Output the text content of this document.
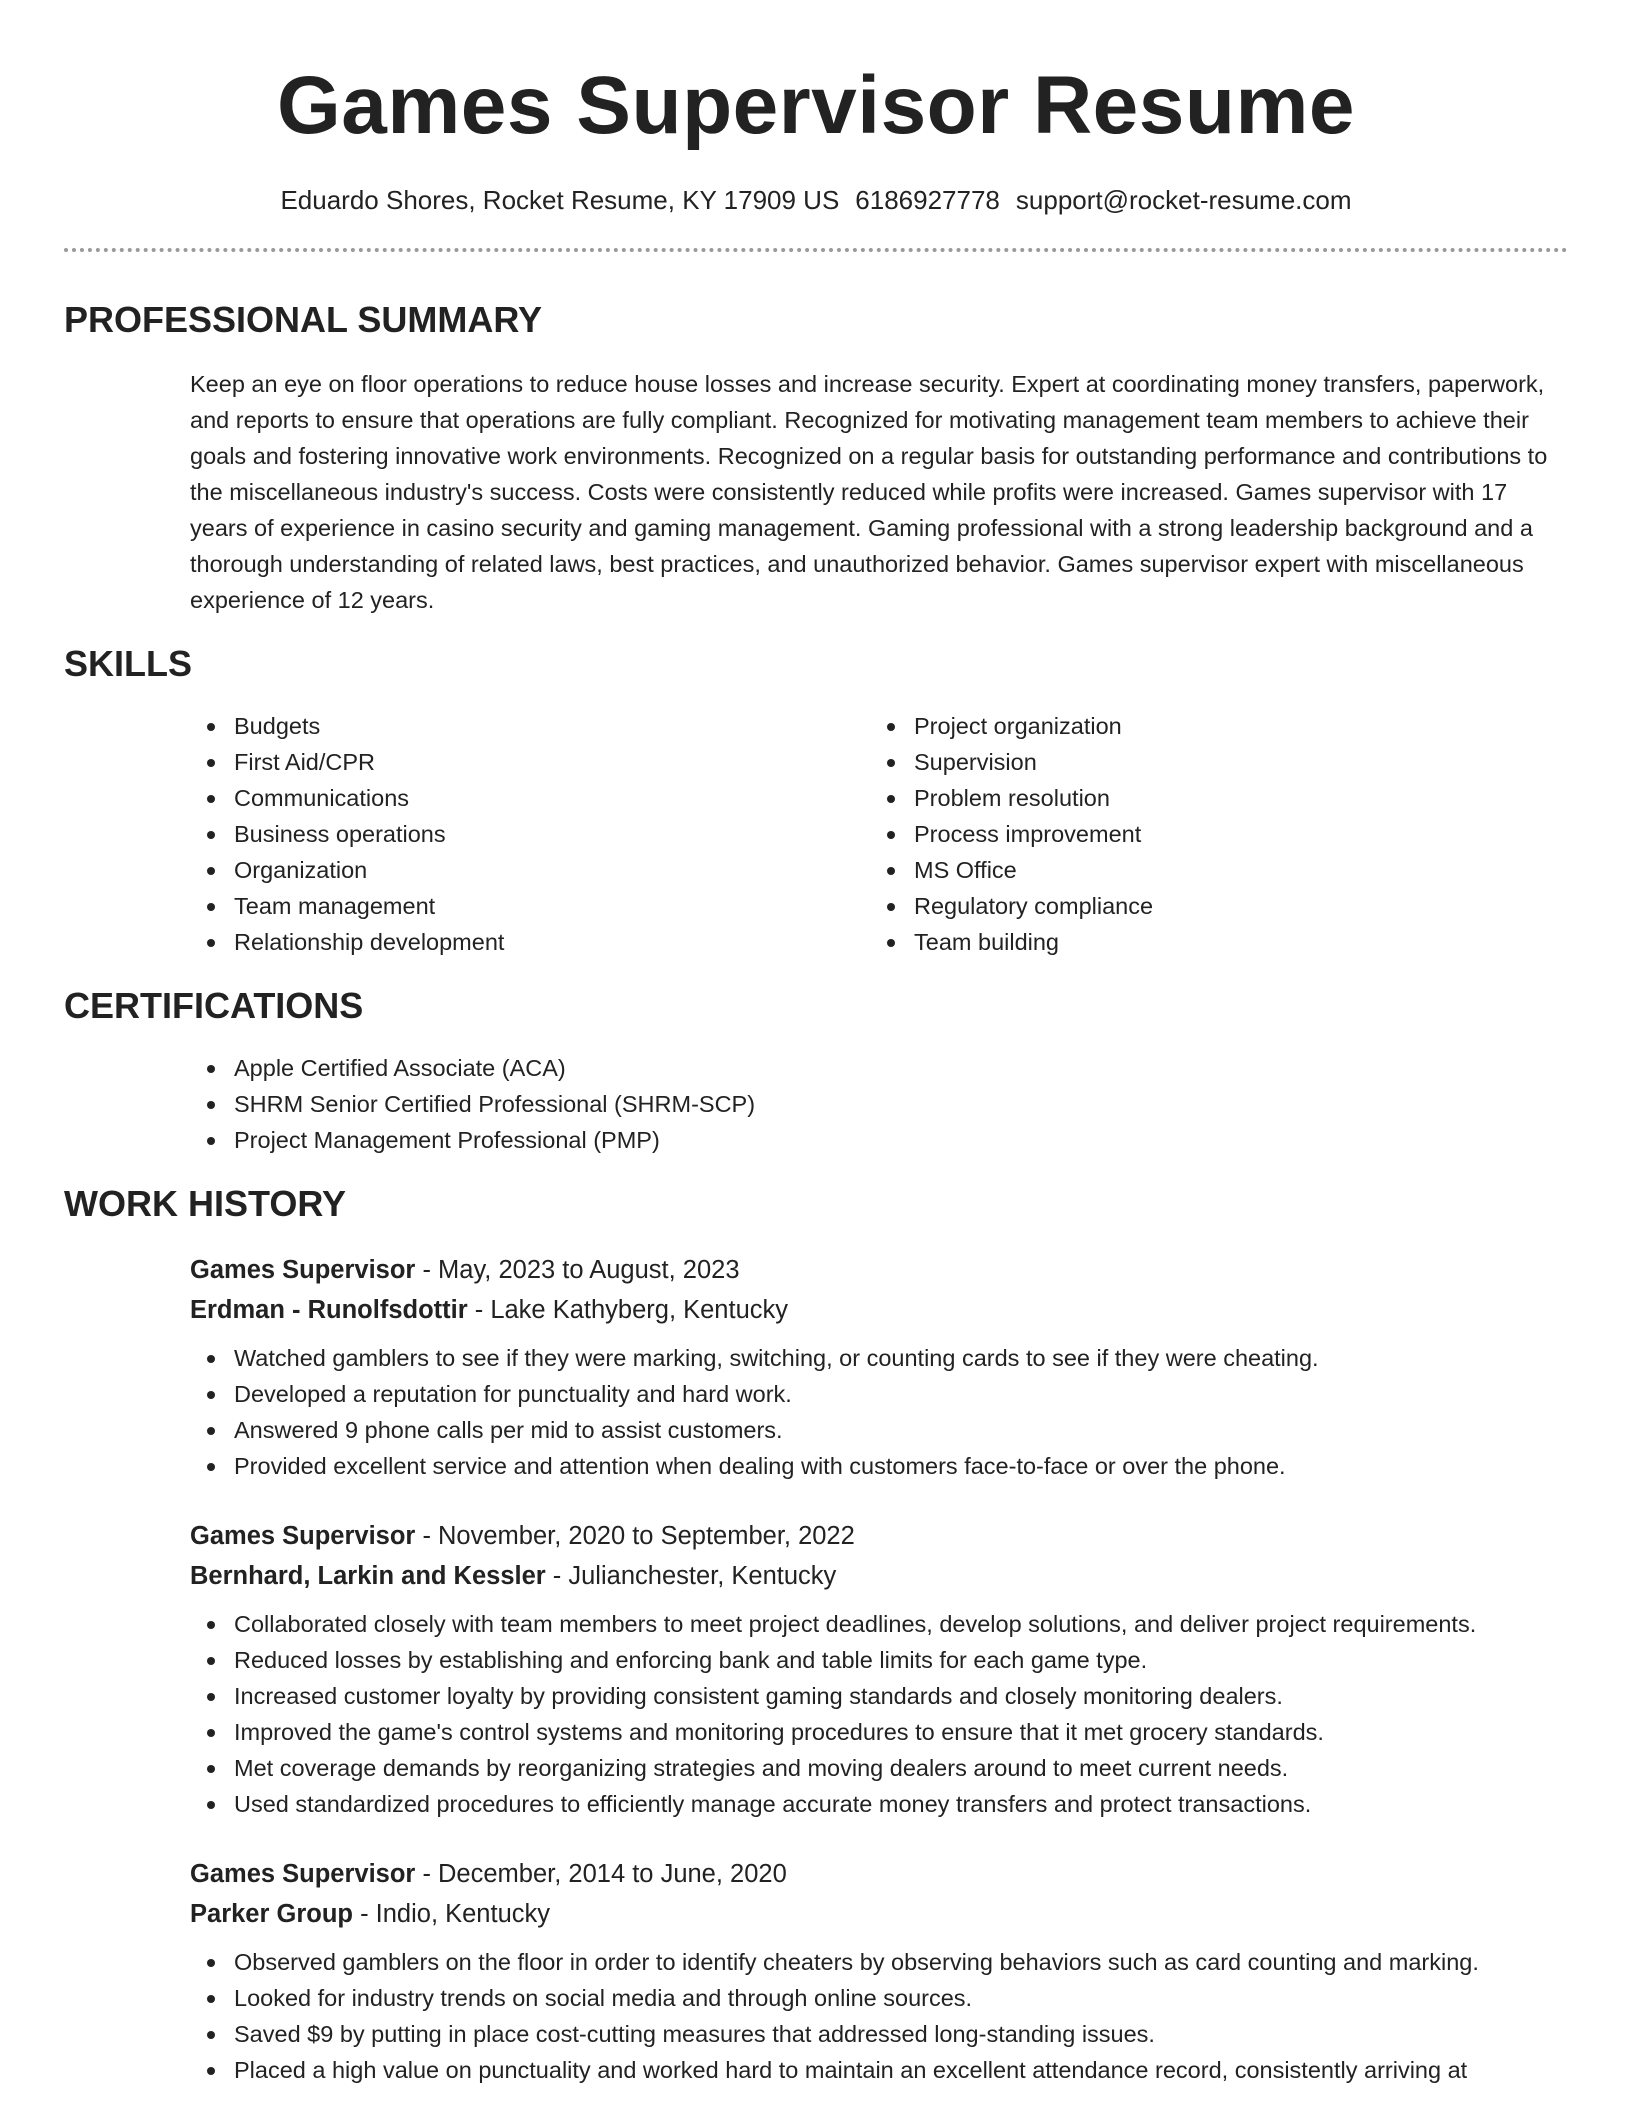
Games Supervisor Resume
Eduardo Shores, Rocket Resume, KY 17909 US 6186927778 support@rocket-resume.com
PROFESSIONAL SUMMARY

Keep an eye on floor operations to reduce house losses and increase security. Expert at coordinating money transfers, paperwork, and reports to ensure that operations are fully compliant. Recognized for motivating management team members to achieve their goals and fostering innovative work environments. Recognized on a regular basis for outstanding performance and contributions to the miscellaneous industry's success. Costs were consistently reduced while profits were increased. Games supervisor with 17 years of experience in casino security and gaming management. Gaming professional with a strong leadership background and a thorough understanding of related laws, best practices, and unauthorized behavior. Games supervisor expert with miscellaneous experience of 12 years.

SKILLS
Budgets
First Aid/CPR
Communications
Business operations
Organization
Team management
Relationship development
Project organization
Supervision
Problem resolution
Process improvement
MS Office
Regulatory compliance
Team building
CERTIFICATIONS
Apple Certified Associate (ACA)
SHRM Senior Certified Professional (SHRM-SCP)
Project Management Professional (PMP)
WORK HISTORY
Games Supervisor - May, 2023 to August, 2023
Erdman - Runolfsdottir - Lake Kathyberg, Kentucky
Watched gamblers to see if they were marking, switching, or counting cards to see if they were cheating.
Developed a reputation for punctuality and hard work.
Answered 9 phone calls per mid to assist customers.
Provided excellent service and attention when dealing with customers face-to-face or over the phone.
Games Supervisor - November, 2020 to September, 2022
Bernhard, Larkin and Kessler - Julianchester, Kentucky
Collaborated closely with team members to meet project deadlines, develop solutions, and deliver project requirements.
Reduced losses by establishing and enforcing bank and table limits for each game type.
Increased customer loyalty by providing consistent gaming standards and closely monitoring dealers.
Improved the game's control systems and monitoring procedures to ensure that it met grocery standards.
Met coverage demands by reorganizing strategies and moving dealers around to meet current needs.
Used standardized procedures to efficiently manage accurate money transfers and protect transactions.
Games Supervisor - December, 2014 to June, 2020
Parker Group - Indio, Kentucky
Observed gamblers on the floor in order to identify cheaters by observing behaviors such as card counting and marking.
Looked for industry trends on social media and through online sources.
Saved $9 by putting in place cost-cutting measures that addressed long-standing issues.
Placed a high value on punctuality and worked hard to maintain an excellent attendance record, consistently arriving at
